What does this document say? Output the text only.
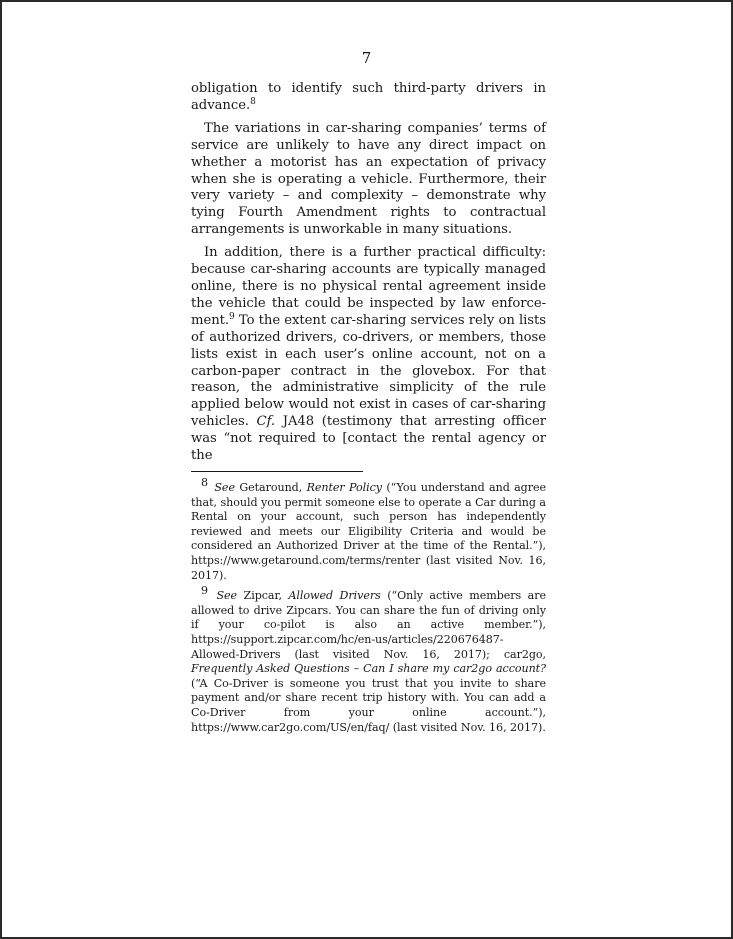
7

obligation to identify such third-party drivers in advance.$^8$

The variations in car-sharing companies’ terms of service are unlikely to have any direct impact on whether a motorist has an expectation of privacy when she is operating a vehicle. Furthermore, their very variety – and complexity – demonstrate why tying Fourth Amendment rights to contractual arrangements is unworkable in many situations.

In addition, there is a further practical difficulty: because car-sharing accounts are typically managed online, there is no physical rental agreement inside the vehicle that could be inspected by law enforce-ment.$^9$ To the extent car-sharing services rely on lists of authorized drivers, co-drivers, or members, those lists exist in each user’s online account, not on a carbon-paper contract in the glovebox. For that reason, the administrative simplicity of the rule applied below would not exist in cases of car-sharing vehicles. Cf. JA48 (testimony that arresting officer was “not required to [contact the rental agency or the

$^8$ See Getaround, Renter Policy (“You understand and agree that, should you permit someone else to operate a Car during a Rental on your account, such person has independently reviewed and meets our Eligibility Criteria and would be considered an Authorized Driver at the time of the Rental.”), https://www.getaround.com/terms/renter (last visited Nov. 16, 2017).

$^9$ See Zipcar, Allowed Drivers (“Only active members are allowed to drive Zipcars. You can share the fun of driving only if your co-pilot is also an active member.”), https://support.zipcar.com/hc/en-us/articles/220676487-Allowed-Drivers (last visited Nov. 16, 2017); car2go, Frequently Asked Questions – Can I share my car2go account? (“A Co-Driver is someone you trust that you invite to share payment and/or share recent trip history with. You can add a Co-Driver from your online account.”), https://www.car2go.com/US/en/faq/ (last visited Nov. 16, 2017).
